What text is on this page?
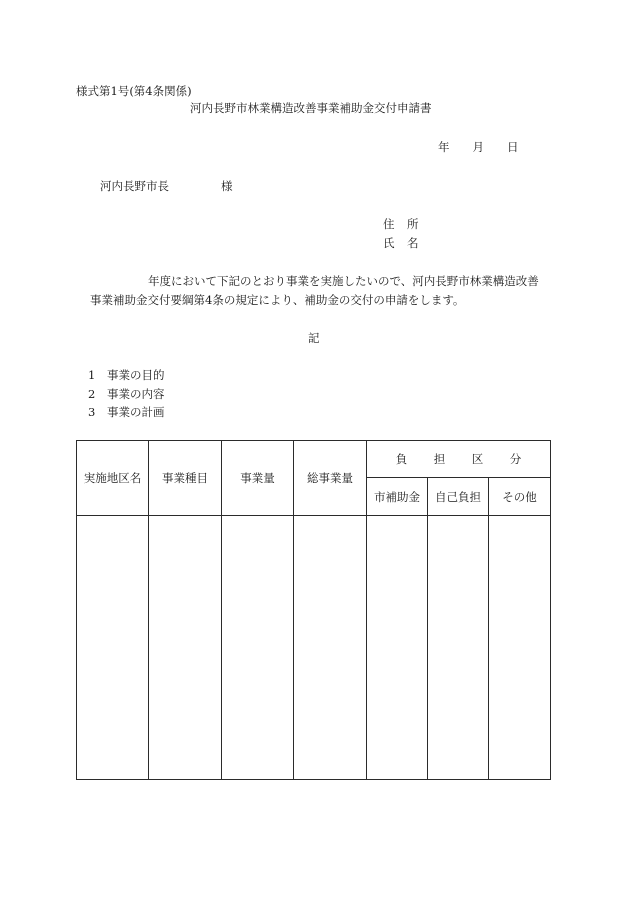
様式第1号(第4条関係)
河内長野市林業構造改善事業補助金交付申請書
年 月 日
河内長野市長	様
住 所
氏 名
年度において下記のとおり事業を実施したいので、河内長野市林業構造改善
事業補助金交付要綱第4条の規定により、補助金の交付の申請をします。
記
1 事業の目的
2 事業の内容
3 事業の計画
実施地区名	事業種目	事業量	総事業量	負 担 区 分		
				市補助金	自己負担	その他
